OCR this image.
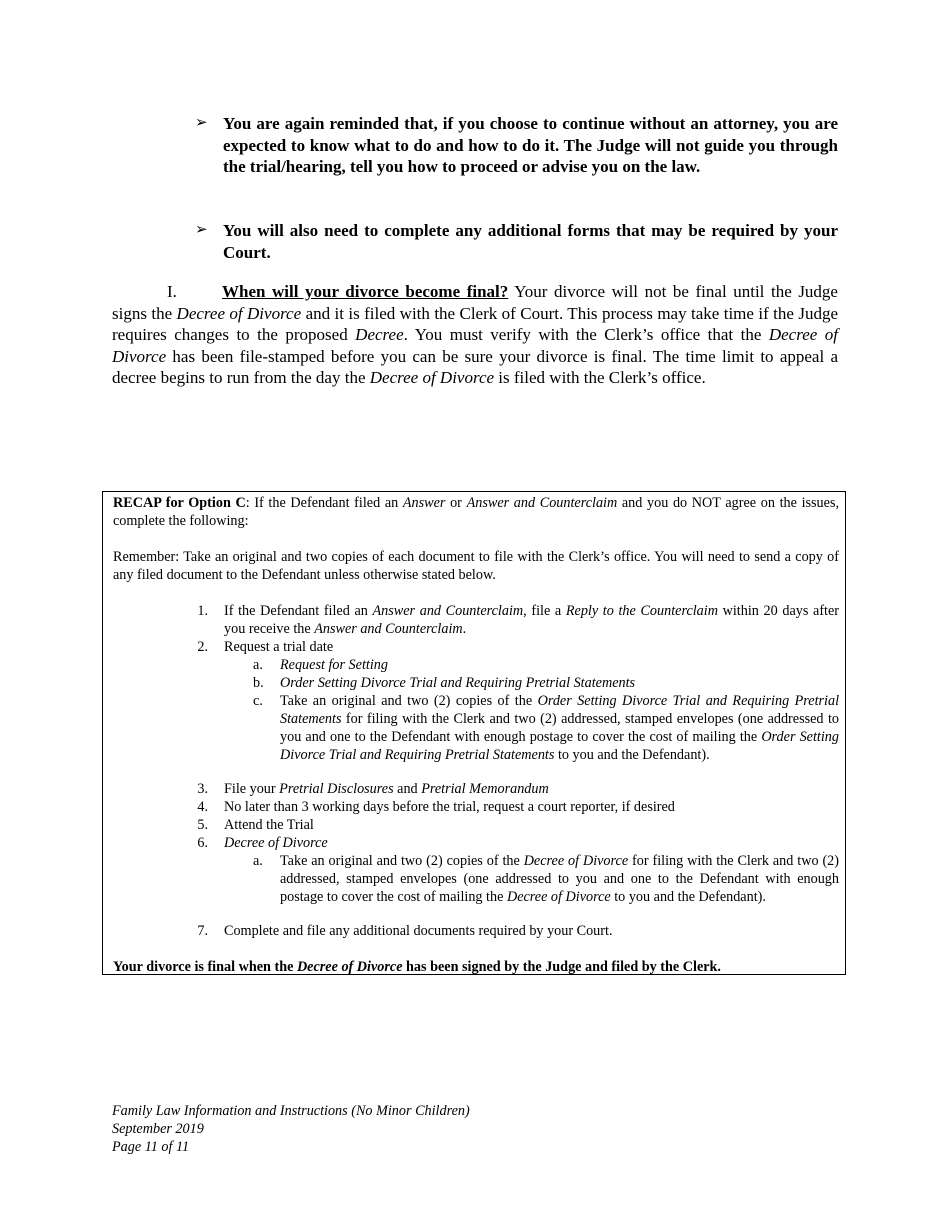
➢ You are again reminded that, if you choose to continue without an attorney, you are expected to know what to do and how to do it. The Judge will not guide you through the trial/hearing, tell you how to proceed or advise you on the law.
➢ You will also need to complete any additional forms that may be required by your Court.
I.	When will your divorce become final? Your divorce will not be final until the Judge signs the Decree of Divorce and it is filed with the Clerk of Court. This process may take time if the Judge requires changes to the proposed Decree. You must verify with the Clerk’s office that the Decree of Divorce has been file-stamped before you can be sure your divorce is final. The time limit to appeal a decree begins to run from the day the Decree of Divorce is filed with the Clerk’s office.
RECAP for Option C: If the Defendant filed an Answer or Answer and Counterclaim and you do NOT agree on the issues, complete the following:
Remember: Take an original and two copies of each document to file with the Clerk’s office. You will need to send a copy of any filed document to the Defendant unless otherwise stated below.
1. If the Defendant filed an Answer and Counterclaim, file a Reply to the Counterclaim within 20 days after you receive the Answer and Counterclaim.
2. Request a trial date
a.	Request for Setting
b.	Order Setting Divorce Trial and Requiring Pretrial Statements
c.	Take an original and two (2) copies of the Order Setting Divorce Trial and Requiring Pretrial Statements for filing with the Clerk and two (2) addressed, stamped envelopes (one addressed to you and one to the Defendant with enough postage to cover the cost of mailing the Order Setting Divorce Trial and Requiring Pretrial Statements to you and the Defendant).
3. File your Pretrial Disclosures and Pretrial Memorandum
4. No later than 3 working days before the trial, request a court reporter, if desired
5. Attend the Trial
6. Decree of Divorce
a.	Take an original and two (2) copies of the Decree of Divorce for filing with the Clerk and two (2) addressed, stamped envelopes (one addressed to you and one to the Defendant with enough postage to cover the cost of mailing the Decree of Divorce to you and the Defendant).
7. Complete and file any additional documents required by your Court.
Your divorce is final when the Decree of Divorce has been signed by the Judge and filed by the Clerk.
Family Law Information and Instructions (No Minor Children)
September 2019
Page 11 of 11
